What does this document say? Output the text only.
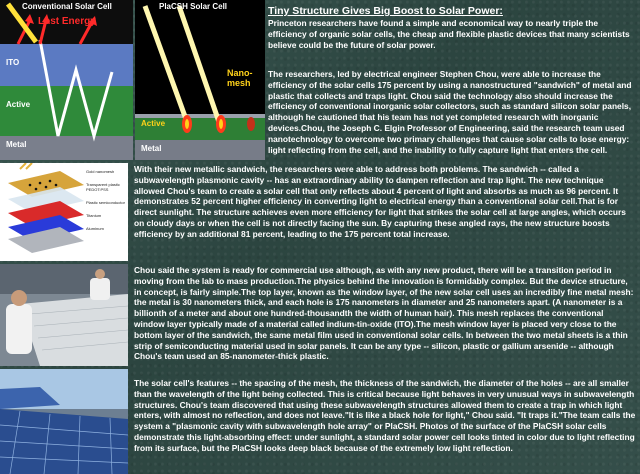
Conventional Solar Cell
Lost Energy
ITO
Active
Metal
PlaCSH Solar Cell
Nano-
mesh
Active
Metal
Gold nanomesh
Transparent plastic PEDOT:PSS
Plastic semiconductor
Titanium
Aluminum
Tiny Structure Gives Big Boost to Solar Power:

Princeton researchers have found a simple and economical way to nearly triple the efficiency of organic solar cells, the cheap and flexible plastic devices that many scientists believe could be the future of solar power.

The researchers, led by electrical engineer Stephen Chou, were able to increase the efficiency of the solar cells 175 percent by using a nanostructured "sandwich" of metal and plastic that collects and traps light. Chou said the technology also should increase the efficiency of conventional inorganic solar collectors, such as standard silicon solar panels, although he cautioned that his team has not yet completed research with inorganic devices.Chou, the Joseph C. Elgin Professor of Engineering, said the research team used nanotechnology to overcome two primary challenges that cause solar cells to lose energy: light reflecting from the cell, and the inability to fully capture light that enters the cell.

With their new metallic sandwich, the researchers were able to address both problems. The sandwich -- called a subwavelength plasmonic cavity -- has an extraordinary ability to dampen reflection and trap light. The new technique allowed Chou's team to create a solar cell that only reflects about 4 percent of light and absorbs as much as 96 percent. It demonstrates 52 percent higher efficiency in converting light to electrical energy than a conventional solar cell.That is for direct sunlight. The structure achieves even more efficiency for light that strikes the solar cell at large angles, which occurs on cloudy days or when the cell is not directly facing the sun. By capturing these angled rays, the new structure boosts efficiency by an additional 81 percent, leading to the 175 percent total increase.

Chou said the system is ready for commercial use although, as with any new product, there will be a transition period in moving from the lab to mass production.The physics behind the innovation is formidably complex. But the device structure, in concept, is fairly simple.The top layer, known as the window layer, of the new solar cell uses an incredibly fine metal mesh: the metal is 30 nanometers thick, and each hole is 175 nanometers in diameter and 25 nanometers apart. (A nanometer is a billionth of a meter and about one hundred-thousandth the width of human hair). This mesh replaces the conventional window layer typically made of a material called indium-tin-oxide (ITO).The mesh window layer is placed very close to the bottom layer of the sandwich, the same metal film used in conventional solar cells. In between the two metal sheets is a thin strip of semiconducting material used in solar panels. It can be any type -- silicon, plastic or gallium arsenide -- although Chou's team used an 85-nanometer-thick plastic.

The solar cell's features -- the spacing of the mesh, the thickness of the sandwich, the diameter of the holes -- are all smaller than the wavelength of the light being collected. This is critical because light behaves in very unusual ways in subwavelength structures. Chou's team discovered that using these subwavelength structures allowed them to create a trap in which light enters, with almost no reflection, and does not leave."It is like a black hole for light," Chou said. "It traps it."The team calls the system a "plasmonic cavity with subwavelength hole array" or PlaCSH. Photos of the surface of the PlaCSH solar cells demonstrate this light-absorbing effect: under sunlight, a standard solar power cell looks tinted in color due to light reflecting from its surface, but the PlaCSH looks deep black because of the extremely low light reflection.
